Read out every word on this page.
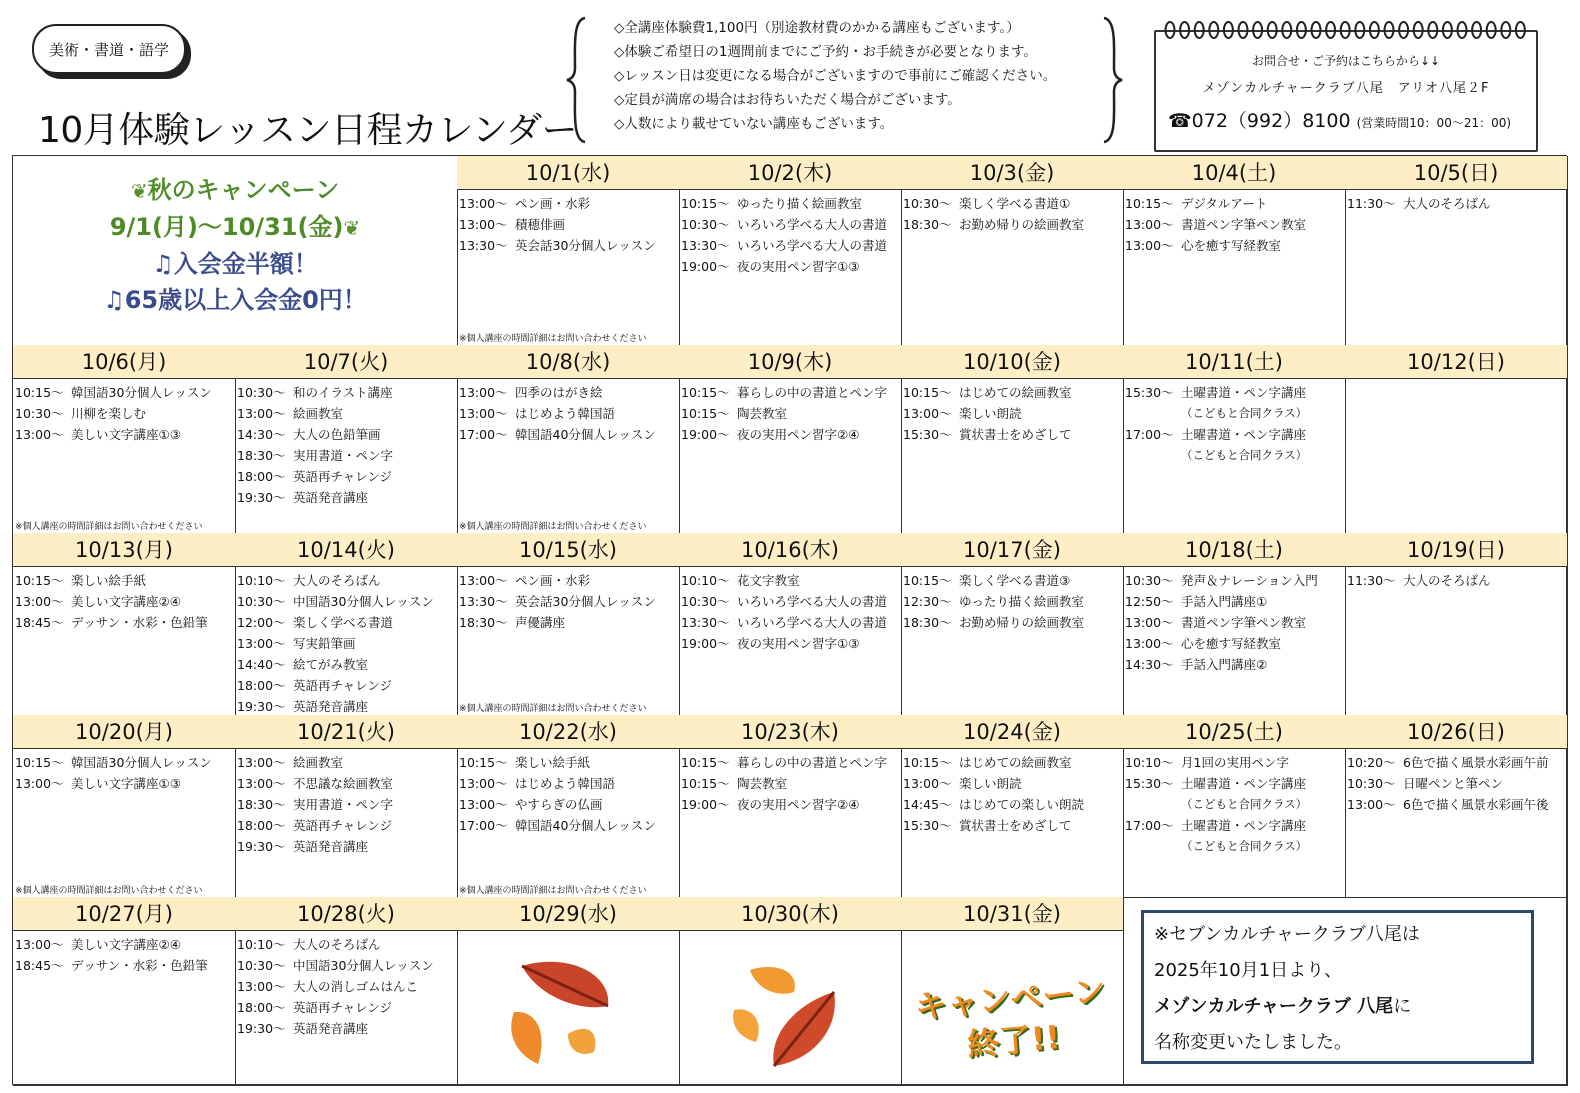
美術・書道・語学
10月体験レッスン日程カレンダー
◇全講座体験費1,100円（別途教材費のかかる講座もございます。）
◇体験ご希望日の1週間前までにご予約・お手続きが必要となります。
◇レッスン日は変更になる場合がございますので事前にご確認ください。
◇定員が満席の場合はお待ちいただく場合がございます。
◇人数により載せていない講座もございます。
お問合せ・ご予約はこちらから↓↓
メゾンカルチャークラブ八尾　アリオ八尾２F
☎072（992）8100 (営業時間10：00～21：00)
❦秋のキャンペーン
9/1(月)～10/31(金)❦
♫入会金半額！
♫65歳以上入会金0円！
10/1(水)
13:00～ ペン画・水彩
13:00～ 積穂俳画
13:30～ 英会話30分個人レッスン
※個人講座の時間詳細はお問い合わせください
10/2(木)
10:15～ ゆったり描く絵画教室
10:30～ いろいろ学べる大人の書道
13:30～ いろいろ学べる大人の書道
19:00～ 夜の実用ペン習字①③
10/3(金)
10:30～ 楽しく学べる書道①
18:30～ お勤め帰りの絵画教室
10/4(土)
10:15～ デジタルアート
13:00～ 書道ペン字筆ペン教室
13:00～ 心を癒す写経教室
10/5(日)
11:30～ 大人のそろばん
10/6(月)
10:15～ 韓国語30分個人レッスン
10:30～ 川柳を楽しむ
13:00～ 美しい文字講座①③
※個人講座の時間詳細はお問い合わせください
10/7(火)
10:30～ 和のイラスト講座
13:00～ 絵画教室
14:30～ 大人の色鉛筆画
18:30～ 実用書道・ペン字
18:00～ 英語再チャレンジ
19:30～ 英語発音講座
10/8(水)
13:00～ 四季のはがき絵
13:00～ はじめよう韓国語
17:00～ 韓国語40分個人レッスン
※個人講座の時間詳細はお問い合わせください
10/9(木)
10:15～ 暮らしの中の書道とペン字
10:15～ 陶芸教室
19:00～ 夜の実用ペン習字②④
10/10(金)
10:15～ はじめての絵画教室
13:00～ 楽しい朗読
15:30～ 賞状書士をめざして
10/11(土)
15:30～ 土曜書道・ペン字講座
（こどもと合同クラス）
17:00～ 土曜書道・ペン字講座
（こどもと合同クラス）
10/12(日)
10/13(月)
10:15～ 楽しい絵手紙
13:00～ 美しい文字講座②④
18:45～ デッサン・水彩・色鉛筆
10/14(火)
10:10～ 大人のそろばん
10:30～ 中国語30分個人レッスン
12:00～ 楽しく学べる書道
13:00～ 写実鉛筆画
14:40～ 絵てがみ教室
18:00～ 英語再チャレンジ
19:30～ 英語発音講座
10/15(水)
13:00～ ペン画・水彩
13:30～ 英会話30分個人レッスン
18:30～ 声優講座
※個人講座の時間詳細はお問い合わせください
10/16(木)
10:10～ 花文字教室
10:30～ いろいろ学べる大人の書道
13:30～ いろいろ学べる大人の書道
19:00～ 夜の実用ペン習字①③
10/17(金)
10:15～ 楽しく学べる書道③
12:30～ ゆったり描く絵画教室
18:30～ お勤め帰りの絵画教室
10/18(土)
10:30～ 発声＆ナレーション入門
12:50～ 手話入門講座①
13:00～ 書道ペン字筆ペン教室
13:00～ 心を癒す写経教室
14:30～ 手話入門講座②
10/19(日)
11:30～ 大人のそろばん
10/20(月)
10:15～ 韓国語30分個人レッスン
13:00～ 美しい文字講座①③
※個人講座の時間詳細はお問い合わせください
10/21(火)
13:00～ 絵画教室
13:00～ 不思議な絵画教室
18:30～ 実用書道・ペン字
18:00～ 英語再チャレンジ
19:30～ 英語発音講座
10/22(水)
10:15～ 楽しい絵手紙
13:00～ はじめよう韓国語
13:00～ やすらぎの仏画
17:00～ 韓国語40分個人レッスン
※個人講座の時間詳細はお問い合わせください
10/23(木)
10:15～ 暮らしの中の書道とペン字
10:15～ 陶芸教室
19:00～ 夜の実用ペン習字②④
10/24(金)
10:15～ はじめての絵画教室
13:00～ 楽しい朗読
14:45～ はじめての楽しい朗読
15:30～ 賞状書士をめざして
10/25(土)
10:10～ 月1回の実用ペン字
15:30～ 土曜書道・ペン字講座
（こどもと合同クラス）
17:00～ 土曜書道・ペン字講座
（こどもと合同クラス）
10/26(日)
10:20～ 6色で描く風景水彩画午前
10:30～ 日曜ペンと筆ペン
13:00～ 6色で描く風景水彩画午後
10/27(月)
13:00～ 美しい文字講座②④
18:45～ デッサン・水彩・色鉛筆
10/28(火)
10:10～ 大人のそろばん
10:30～ 中国語30分個人レッスン
13:00～ 大人の消しゴムはんこ
18:00～ 英語再チャレンジ
19:30～ 英語発音講座
10/29(水)	10/30(木)	10/31(金)
キャンペーン
終了!!
※セブンカルチャークラブ八尾は
2025年10月1日より、
メゾンカルチャークラブ 八尾に
名称変更いたしました。
